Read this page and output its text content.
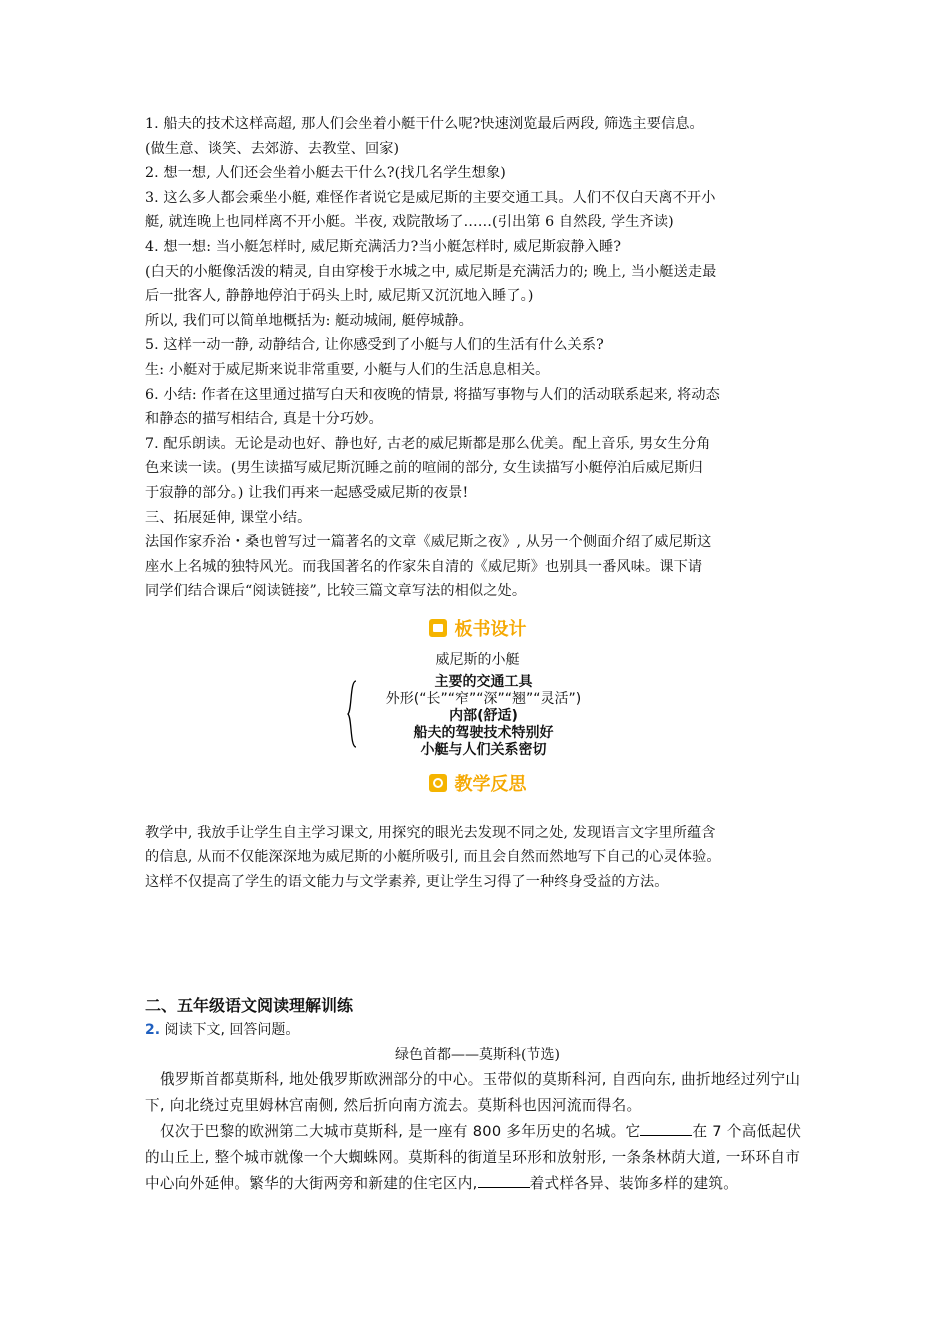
1. 船夫的技术这样高超, 那人们会坐着小艇干什么呢?快速浏览最后两段, 筛选主要信息。

(做生意、谈笑、去郊游、去教堂、回家)

2. 想一想, 人们还会坐着小艇去干什么?(找几名学生想象)

3. 这么多人都会乘坐小艇, 难怪作者说它是威尼斯的主要交通工具。人们不仅白天离不开小

艇, 就连晚上也同样离不开小艇。半夜, 戏院散场了……(引出第 6 自然段, 学生齐读)

4. 想一想: 当小艇怎样时, 威尼斯充满活力?当小艇怎样时, 威尼斯寂静入睡?

(白天的小艇像活泼的精灵, 自由穿梭于水城之中, 威尼斯是充满活力的; 晚上, 当小艇送走最

后一批客人, 静静地停泊于码头上时, 威尼斯又沉沉地入睡了。)

所以, 我们可以简单地概括为: 艇动城闹, 艇停城静。

5. 这样一动一静, 动静结合, 让你感受到了小艇与人们的生活有什么关系?

生: 小艇对于威尼斯来说非常重要, 小艇与人们的生活息息相关。

6. 小结: 作者在这里通过描写白天和夜晚的情景, 将描写事物与人们的活动联系起来, 将动态

和静态的描写相结合, 真是十分巧妙。

7. 配乐朗读。无论是动也好、静也好, 古老的威尼斯都是那么优美。配上音乐, 男女生分角

色来读一读。(男生读描写威尼斯沉睡之前的喧闹的部分, 女生读描写小艇停泊后威尼斯归

于寂静的部分。) 让我们再来一起感受威尼斯的夜景!

三、拓展延伸, 课堂小结。

法国作家乔治・桑也曾写过一篇著名的文章《威尼斯之夜》, 从另一个侧面介绍了威尼斯这

座水上名城的独特风光。而我国著名的作家朱自清的《威尼斯》也别具一番风味。课下请

同学们结合课后“阅读链接”, 比较三篇文章写法的相似之处。

板书设计
威尼斯的小艇
主要的交通工具
外形(“长”“窄”“深”“翘”“灵活”)
内部(舒适)
船夫的驾驶技术特别好
小艇与人们关系密切
教学反思

教学中, 我放手让学生自主学习课文, 用探究的眼光去发现不同之处, 发现语言文字里所蕴含

的信息, 从而不仅能深深地为威尼斯的小艇所吸引, 而且会自然而然地写下自己的心灵体验。

这样不仅提高了学生的语文能力与文学素养, 更让学生习得了一种终身受益的方法。

二、五年级语文阅读理解训练
2. 阅读下文, 回答问题。
绿色首都——莫斯科(节选)

俄罗斯首都莫斯科, 地处俄罗斯欧洲部分的中心。玉带似的莫斯科河, 自西向东, 曲折地经过列宁山下, 向北绕过克里姆林宫南侧, 然后折向南方流去。莫斯科也因河流而得名。

仅次于巴黎的欧洲第二大城市莫斯科, 是一座有 800 多年历史的名城。它	在 7 个高低起伏的山丘上, 整个城市就像一个大蜘蛛网。莫斯科的街道呈环形和放射形, 一条条林荫大道, 一环环自市中心向外延伸。繁华的大街两旁和新建的住宅区内,	着式样各异、装饰多样的建筑。
